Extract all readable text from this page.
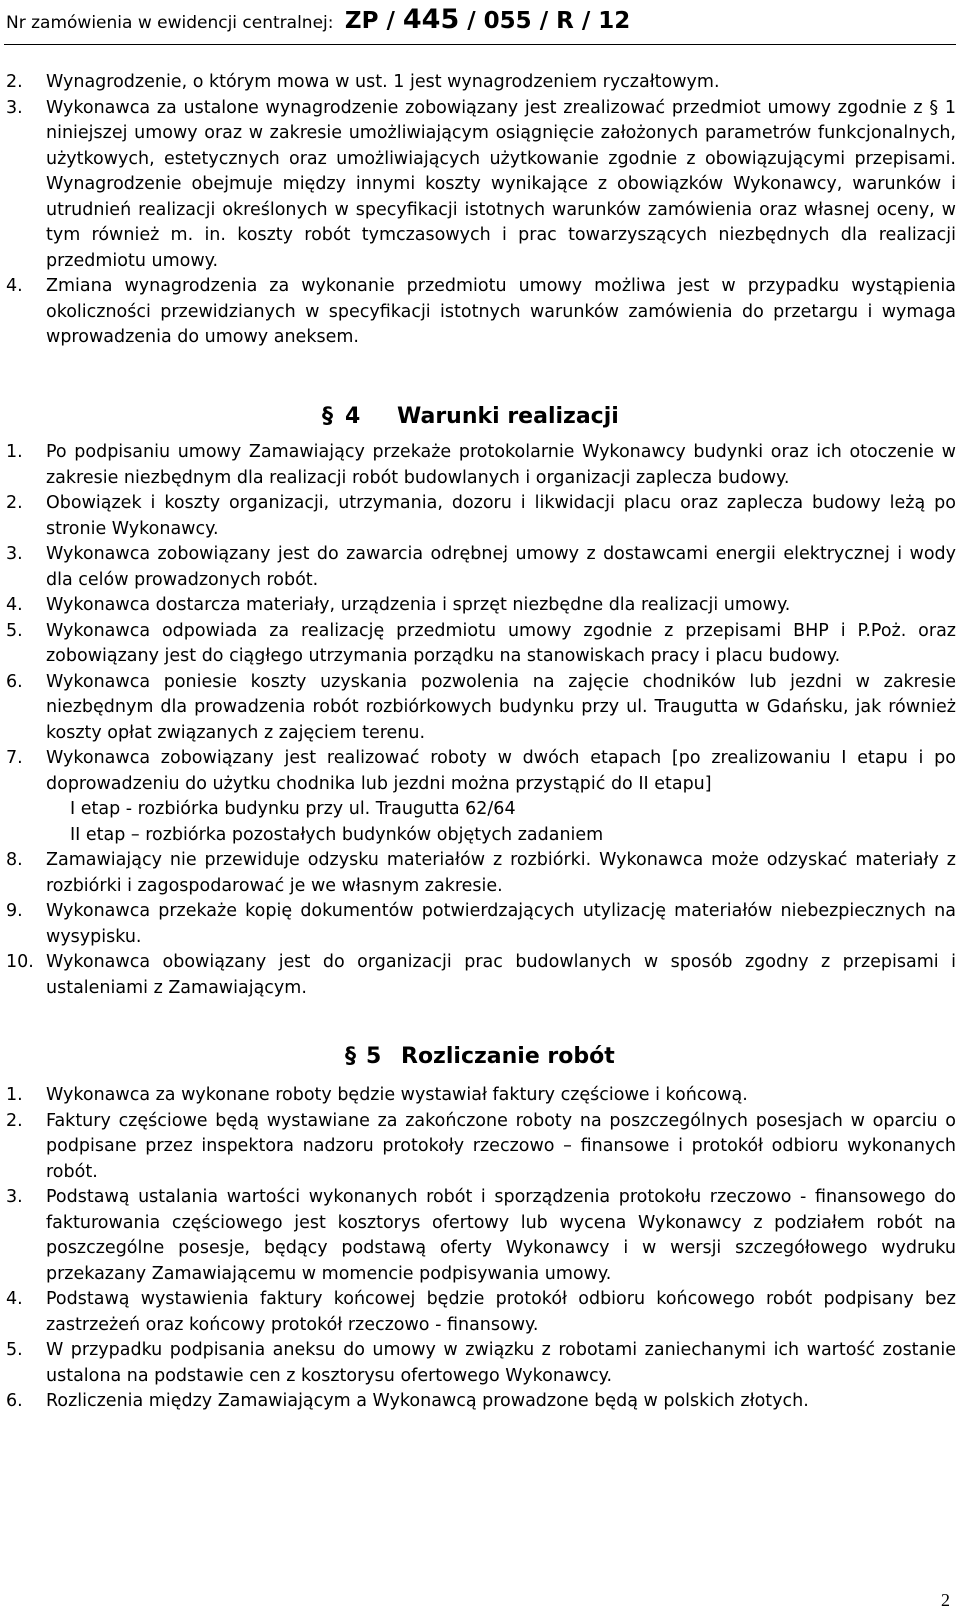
Nr zamówienia w ewidencji centralnej: ZP / 445 / 055 / R / 12
2. Wynagrodzenie, o którym mowa w ust. 1 jest wynagrodzeniem ryczałtowym.
3. Wykonawca za ustalone wynagrodzenie zobowiązany jest zrealizować przedmiot umowy zgodnie z § 1 niniejszej umowy oraz w zakresie umożliwiającym osiągnięcie założonych parametrów funkcjonalnych, użytkowych, estetycznych oraz umożliwiających użytkowanie zgodnie z obowiązującymi przepisami. Wynagrodzenie obejmuje między innymi koszty wynikające z obowiązków Wykonawcy, warunków i utrudnień realizacji określonych w specyfikacji istotnych warunków zamówienia oraz własnej oceny, w tym również m. in. koszty robót tymczasowych i prac towarzyszących niezbędnych dla realizacji przedmiotu umowy.
4. Zmiana wynagrodzenia za wykonanie przedmiotu umowy możliwa jest w przypadku wystąpienia okoliczności przewidzianych w specyfikacji istotnych warunków zamówienia do przetargu i wymaga wprowadzenia do umowy aneksem.
§ 4 Warunki realizacji
1. Po podpisaniu umowy Zamawiający przekaże protokolarnie Wykonawcy budynki oraz ich otoczenie w zakresie niezbędnym dla realizacji robót budowlanych i organizacji zaplecza budowy.
2. Obowiązek i koszty organizacji, utrzymania, dozoru i likwidacji placu oraz zaplecza budowy leżą po stronie Wykonawcy.
3. Wykonawca zobowiązany jest do zawarcia odrębnej umowy z dostawcami energii elektrycznej i wody dla celów prowadzonych robót.
4. Wykonawca dostarcza materiały, urządzenia i sprzęt niezbędne dla realizacji umowy.
5. Wykonawca odpowiada za realizację przedmiotu umowy zgodnie z przepisami BHP i P.Poż. oraz zobowiązany jest do ciągłego utrzymania porządku na stanowiskach pracy i placu budowy.
6. Wykonawca poniesie koszty uzyskania pozwolenia na zajęcie chodników lub jezdni w zakresie niezbędnym dla prowadzenia robót rozbiórkowych budynku przy ul. Traugutta w Gdańsku, jak również koszty opłat związanych z zajęciem terenu.
7. Wykonawca zobowiązany jest realizować roboty w dwóch etapach [po zrealizowaniu I etapu i po doprowadzeniu do użytku chodnika lub jezdni można przystąpić do II etapu]
I etap - rozbiórka budynku przy ul. Traugutta 62/64
II etap – rozbiórka pozostałych budynków objętych zadaniem
8. Zamawiający nie przewiduje odzysku materiałów z rozbiórki. Wykonawca może odzyskać materiały z rozbiórki i zagospodarować je we własnym zakresie.
9. Wykonawca przekaże kopię dokumentów potwierdzających utylizację materiałów niebezpiecznych na wysypisku.
10. Wykonawca obowiązany jest do organizacji prac budowlanych w sposób zgodny z przepisami i ustaleniami z Zamawiającym.
§ 5 Rozliczanie robót
1. Wykonawca za wykonane roboty będzie wystawiał faktury częściowe i końcową.
2. Faktury częściowe będą wystawiane za zakończone roboty na poszczególnych posesjach w oparciu o podpisane przez inspektora nadzoru protokoły rzeczowo – finansowe i protokół odbioru wykonanych robót.
3. Podstawą ustalania wartości wykonanych robót i sporządzenia protokołu rzeczowo - finansowego do fakturowania częściowego jest kosztorys ofertowy lub wycena Wykonawcy z podziałem robót na poszczególne posesje, będący podstawą oferty Wykonawcy i w wersji szczegółowego wydruku przekazany Zamawiającemu w momencie podpisywania umowy.
4. Podstawą wystawienia faktury końcowej będzie protokół odbioru końcowego robót podpisany bez zastrzeżeń oraz końcowy protokół rzeczowo - finansowy.
5. W przypadku podpisania aneksu do umowy w związku z robotami zaniechanymi ich wartość zostanie ustalona na podstawie cen z kosztorysu ofertowego Wykonawcy.
6. Rozliczenia między Zamawiającym a Wykonawcą prowadzone będą w polskich złotych.
2
